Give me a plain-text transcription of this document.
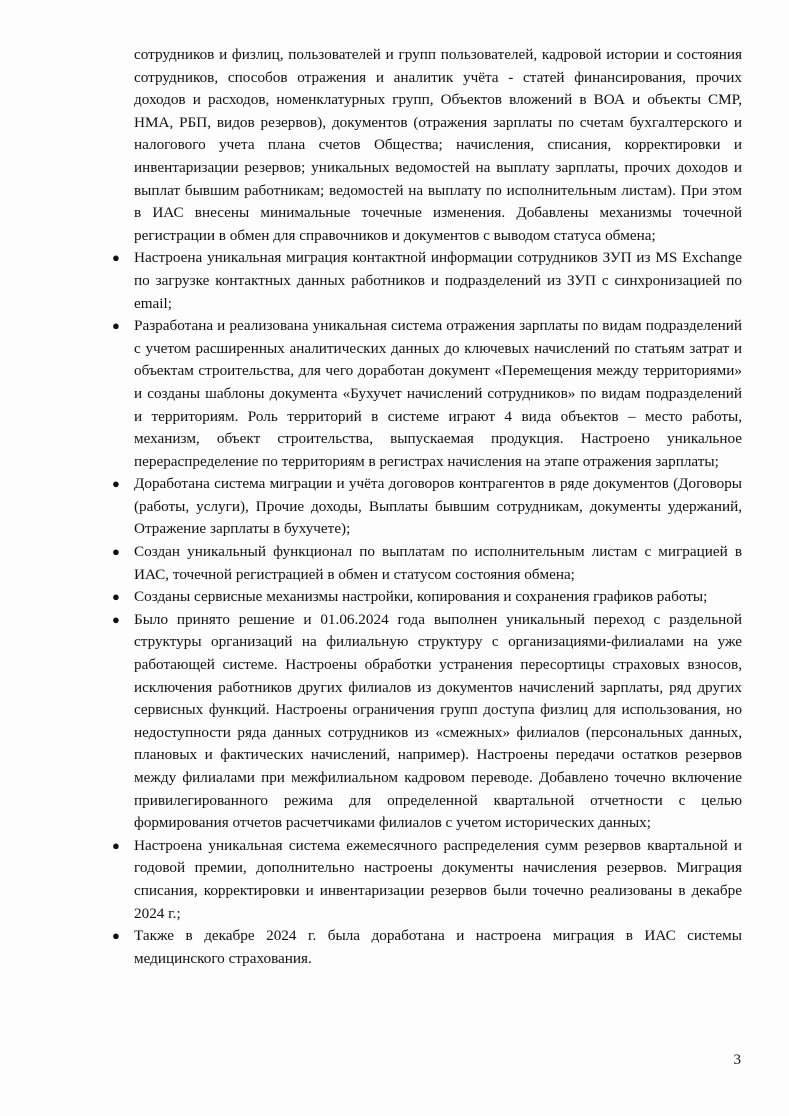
сотрудников и физлиц, пользователей и групп пользователей, кадровой истории и состояния сотрудников, способов отражения и аналитик учёта - статей финансирования, прочих доходов и расходов, номенклатурных групп, Объектов вложений в ВОА и объекты СМР, НМА, РБП, видов резервов), документов (отражения зарплаты по счетам бухгалтерского и налогового учета плана счетов Общества; начисления, списания, корректировки и инвентаризации резервов; уникальных ведомостей на выплату зарплаты, прочих доходов и выплат бывшим работникам; ведомостей на выплату по исполнительным листам). При этом в ИАС внесены минимальные точечные изменения. Добавлены механизмы точечной регистрации в обмен для справочников и документов с выводом статуса обмена;

● Настроена уникальная миграция контактной информации сотрудников ЗУП из MS Exchange по загрузке контактных данных работников и подразделений из ЗУП с синхронизацией по email;
● Разработана и реализована уникальная система отражения зарплаты по видам подразделений с учетом расширенных аналитических данных до ключевых начислений по статьям затрат и объектам строительства, для чего доработан документ «Перемещения между территориями» и созданы шаблоны документа «Бухучет начислений сотрудников» по видам подразделений и территориям. Роль территорий в системе играют 4 вида объектов – место работы, механизм, объект строительства, выпускаемая продукция. Настроено уникальное перераспределение по территориям в регистрах начисления на этапе отражения зарплаты;
● Доработана система миграции и учёта договоров контрагентов в ряде документов (Договоры (работы, услуги), Прочие доходы, Выплаты бывшим сотрудникам, документы удержаний, Отражение зарплаты в бухучете);
● Создан уникальный функционал по выплатам по исполнительным листам с миграцией в ИАС, точечной регистрацией в обмен и статусом состояния обмена;
● Созданы сервисные механизмы настройки, копирования и сохранения графиков работы;
● Было принято решение и 01.06.2024 года выполнен уникальный переход с раздельной структуры организаций на филиальную структуру с организациями-филиалами на уже работающей системе. Настроены обработки устранения пересортицы страховых взносов, исключения работников других филиалов из документов начислений зарплаты, ряд других сервисных функций. Настроены ограничения групп доступа физлиц для использования, но недоступности ряда данных сотрудников из «смежных» филиалов (персональных данных, плановых и фактических начислений, например). Настроены передачи остатков резервов между филиалами при межфилиальном кадровом переводе. Добавлено точечно включение привилегированного режима для определенной квартальной отчетности с целью формирования отчетов расчетчиками филиалов с учетом исторических данных;
● Настроена уникальная система ежемесячного распределения сумм резервов квартальной и годовой премии, дополнительно настроены документы начисления резервов. Миграция списания, корректировки и инвентаризации резервов были точечно реализованы в декабре 2024 г.;
● Также в декабре 2024 г. была доработана и настроена миграция в ИАС системы медицинского страхования.
3
